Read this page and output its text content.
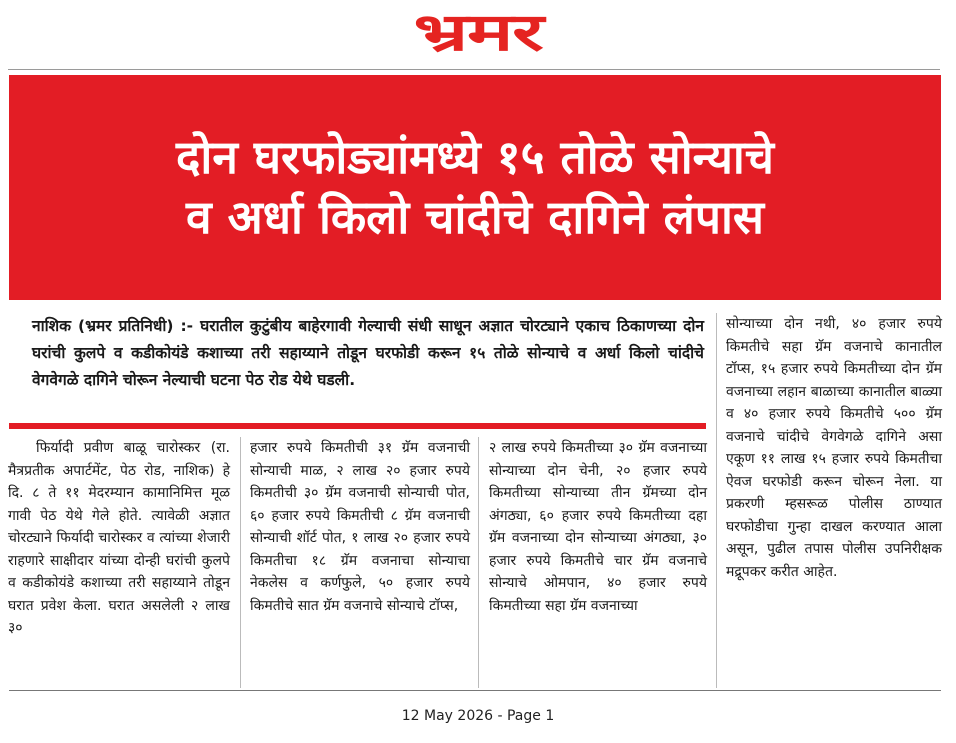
भ्रमर
दोन घरफोड्यांमध्ये १५ तोळे सोन्याचे
व अर्धा किलो चांदीचे दागिने लंपास
नाशिक (भ्रमर प्रतिनिधी) :- घरातील कुटुंबीय बाहेरगावी गेल्याची संधी साधून अज्ञात चोरट्याने एकाच ठिकाणच्या दोन घरांची कुलपे व कडीकोयंडे कशाच्या तरी सहाय्याने तोडून घरफोडी करून १५ तोळे सोन्याचे व अर्धा किलो चांदीचे वेगवेगळे दागिने चोरून नेल्याची घटना पेठ रोड येथे घडली.

फिर्यादी प्रवीण बाळू चारोस्कर (रा. मैत्रप्रतीक अपार्टमेंट, पेठ रोड, नाशिक) हे दि. ८ ते ११ मेदरम्यान कामानिमित्त मूळ गावी पेठ येथे गेले होते. त्यावेळी अज्ञात चोरट्याने फिर्यादी चारोस्कर व त्यांच्या शेजारी राहणारे साक्षीदार यांच्या दोन्ही घरांची कुलपे व कडीकोयंडे कशाच्या तरी सहाय्याने तोडून घरात प्रवेश केला. घरात असलेली २ लाख ३०

हजार रुपये किमतीची ३१ ग्रॅम वजनाची सोन्याची माळ, २ लाख २० हजार रुपये किमतीची ३० ग्रॅम वजनाची सोन्याची पोत, ६० हजार रुपये किमतीची ८ ग्रॅम वजनाची सोन्याची शॉर्ट पोत, १ लाख २० हजार रुपये किमतीचा १८ ग्रॅम वजनाचा सोन्याचा नेकलेस व कर्णफुले, ५० हजार रुपये किमतीचे सात ग्रॅम वजनाचे सोन्याचे टॉप्स,

२ लाख रुपये किमतीच्या ३० ग्रॅम वजनाच्या सोन्याच्या दोन चेनी, २० हजार रुपये किमतीच्या सोन्याच्या तीन ग्रॅमच्या दोन अंगठ्या, ६० हजार रुपये किमतीच्या दहा ग्रॅम वजनाच्या दोन सोन्याच्या अंगठ्या, ३० हजार रुपये किमतीचे चार ग्रॅम वजनाचे सोन्याचे ओमपान, ४० हजार रुपये किमतीच्या सहा ग्रॅम वजनाच्या

सोन्याच्या दोन नथी, ४० हजार रुपये किमतीचे सहा ग्रॅम वजनाचे कानातील टॉप्स, १५ हजार रुपये किमतीच्या दोन ग्रॅम वजनाच्या लहान बाळाच्या कानातील बाळ्या व ४० हजार रुपये किमतीचे ५०० ग्रॅम वजनाचे चांदीचे वेगवेगळे दागिने असा एकूण ११ लाख १५ हजार रुपये किमतीचा ऐवज घरफोडी करून चोरून नेला. या प्रकरणी म्हसरूळ पोलीस ठाण्यात घरफोडीचा गुन्हा दाखल करण्यात आला असून, पुढील तपास पोलीस उपनिरीक्षक मद्रूपकर करीत आहेत.

12 May 2026 - Page 1
